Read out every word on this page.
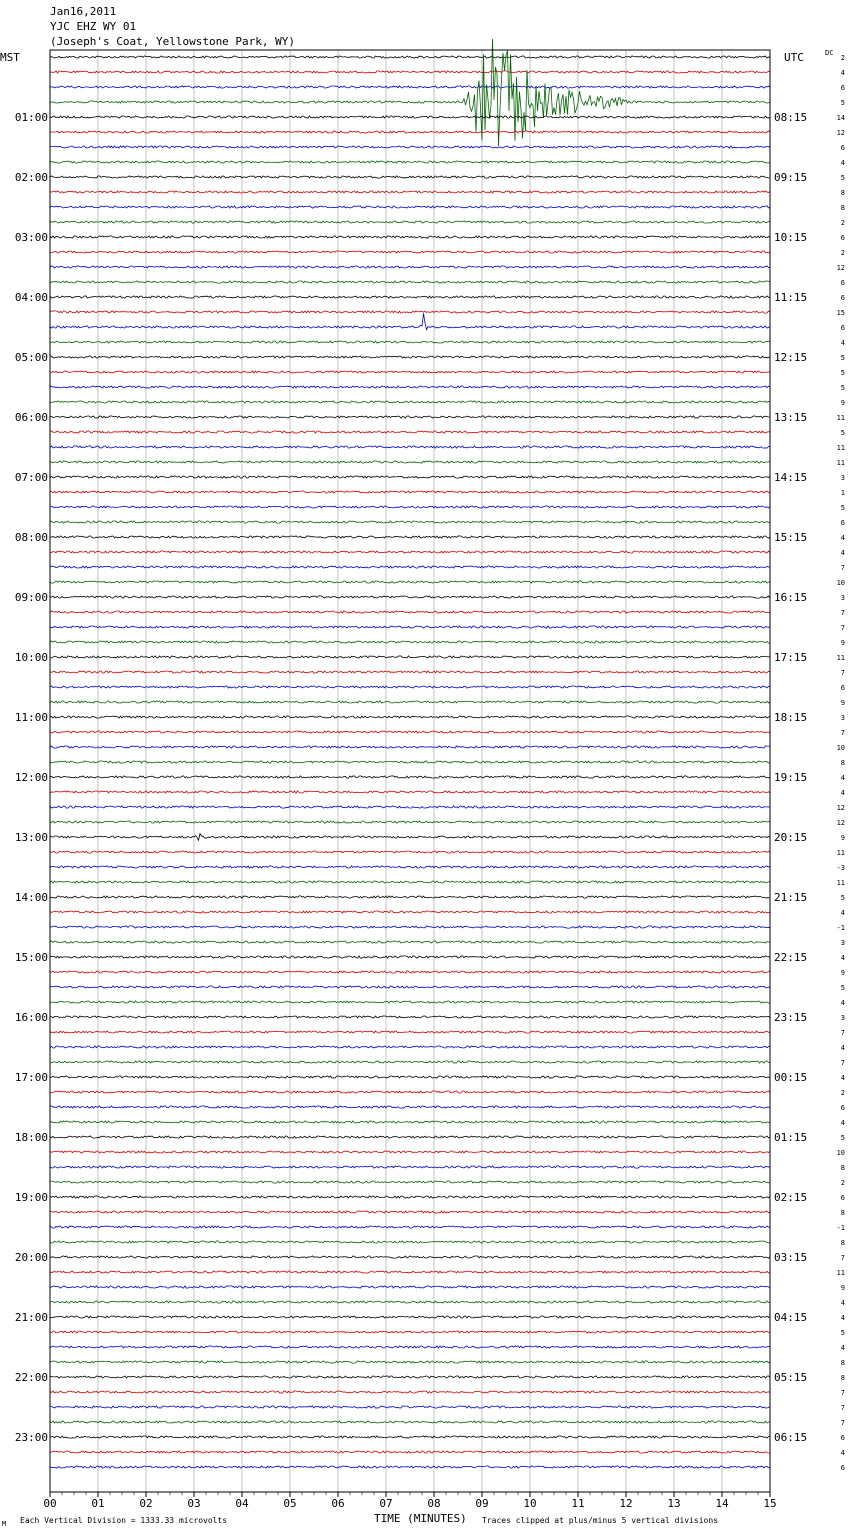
Jan16,2011
YJC EHZ WY 01
(Joseph's Coat, Yellowstone Park, WY)
MST	UTC	DC
01:00
02:00
03:00
04:00
05:00
06:00
07:00
08:00
09:00
10:00
11:00
12:00
13:00
14:00
15:00
16:00
17:00
18:00
19:00
20:00
21:00
22:00
23:00
08:15
09:15
10:15
11:15
12:15
13:15
14:15
15:15
16:15
17:15
18:15
19:15
20:15
21:15
22:15
23:15
00:15
01:15
02:15
03:15
04:15
05:15
06:15
2
4
6
5
14
12
6
4
5
8
8
2
6
2
12
6
6
15
6
4
5
5
5
9
11
5
11
11
3
1
5
6
4
4
7
10
3
7
7
9
11
7
6
9
3
7
10
8
4
4
12
12
9
11
-3
11
5
4
-1
3
4
9
5
4
3
7
4
7
4
2
6
4
5
10
8
2
6
8
-1
8
7
11
9
4
4
5
4
8
8
7
7
7
6
4
6
00	01	02	03	04	05	06	07	08	09	10	11	12	13	14	15
M Each Vertical Division = 1333.33 microvolts	TIME (MINUTES) Traces clipped at plus/minus 5 vertical divisions
